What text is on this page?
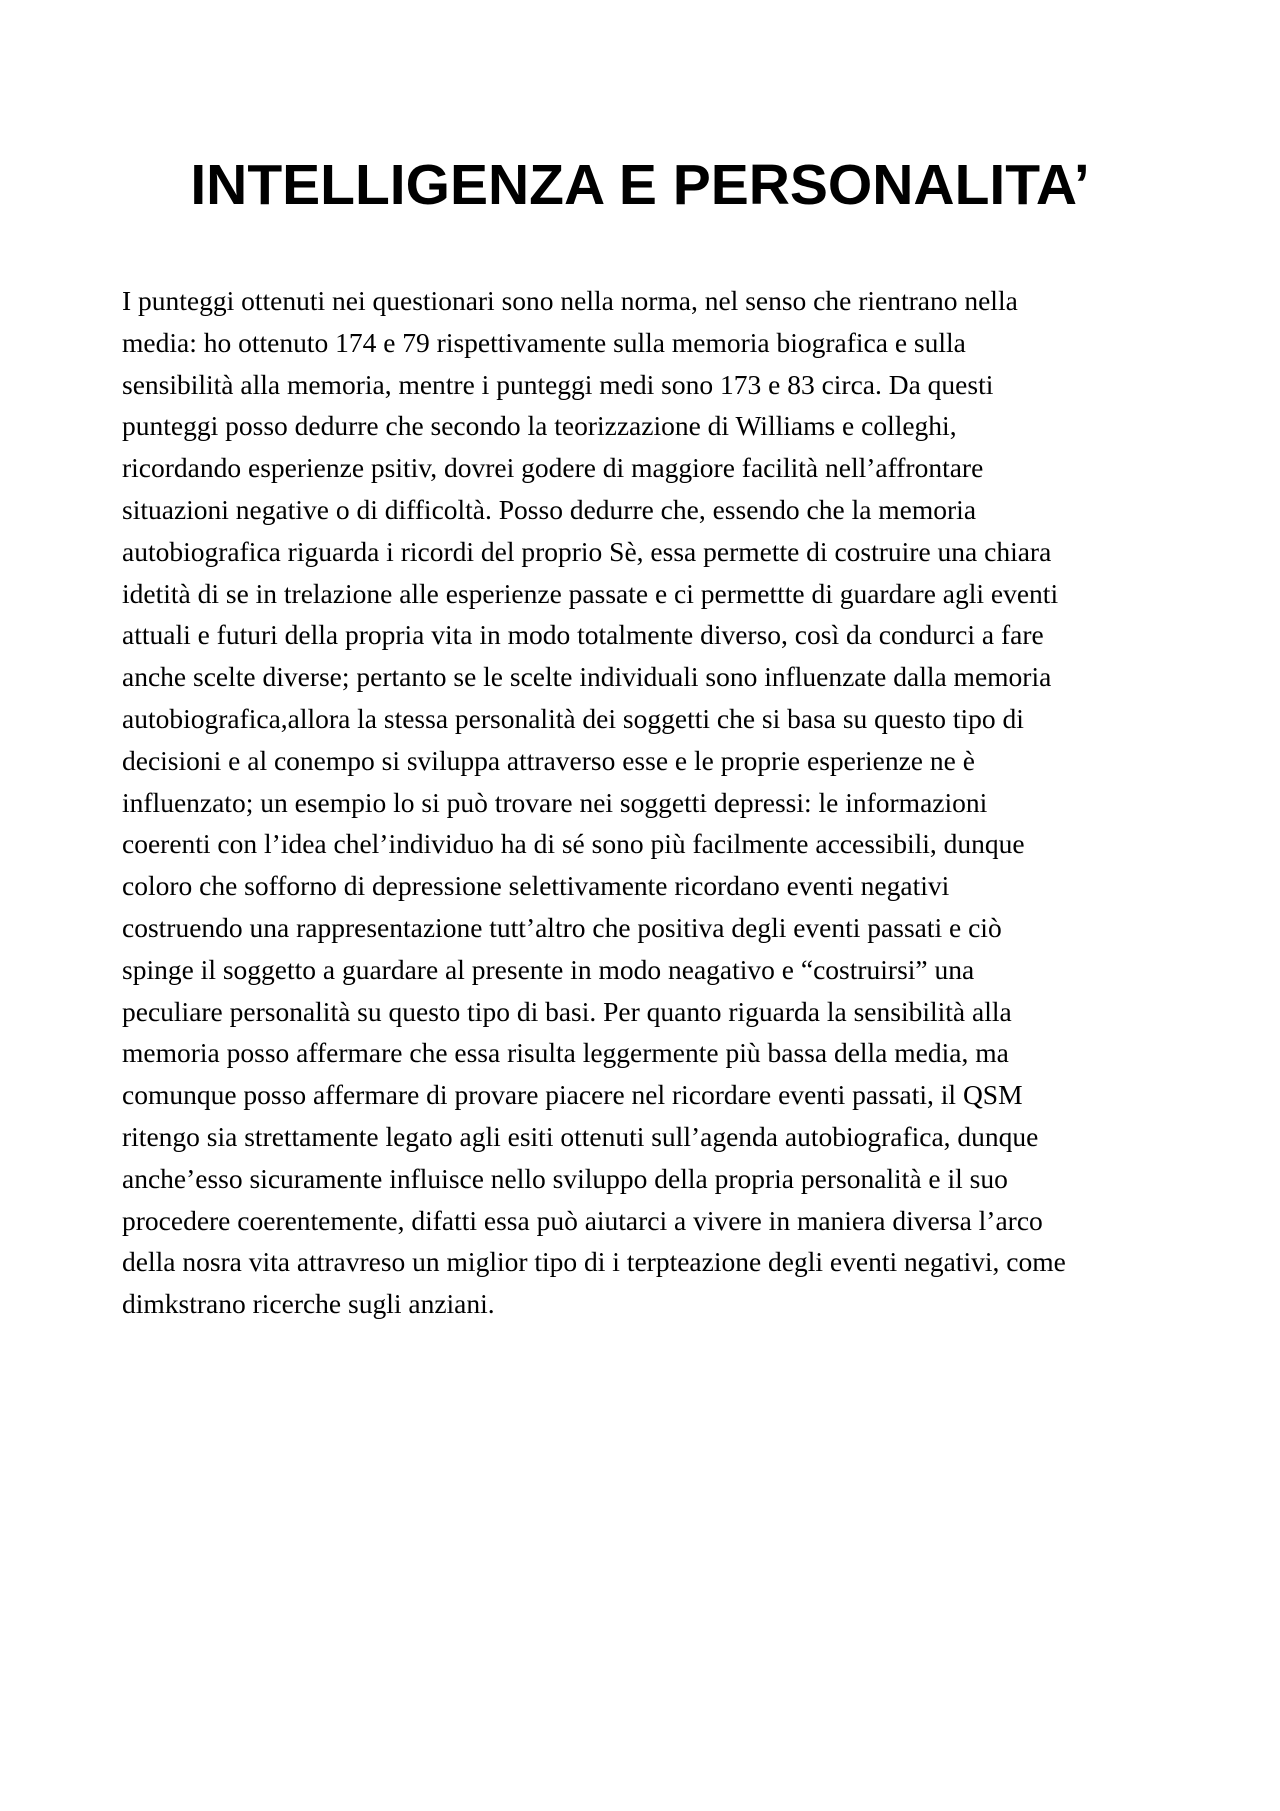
INTELLIGENZA E PERSONALITA’
I punteggi ottenuti nei questionari sono nella norma, nel senso che rientrano nella
media: ho ottenuto 174 e 79 rispettivamente sulla memoria biografica e sulla
sensibilità alla memoria, mentre i punteggi medi sono 173 e 83 circa. Da questi
punteggi posso dedurre che secondo la teorizzazione di Williams e colleghi,
ricordando esperienze psitiv, dovrei godere di maggiore facilità nell’affrontare
situazioni negative o di difficoltà. Posso dedurre che, essendo che la memoria
autobiografica riguarda i ricordi del proprio Sè, essa permette di costruire una chiara
idetità di se in trelazione alle esperienze passate e ci permettte di guardare agli eventi
attuali e futuri della propria vita in modo totalmente diverso, così da condurci a fare
anche scelte diverse; pertanto se le scelte individuali sono influenzate dalla memoria
autobiografica,allora la stessa personalità dei soggetti che si basa su questo tipo di
decisioni e al conempo si sviluppa attraverso esse e le proprie esperienze ne è
influenzato; un esempio lo si può trovare nei soggetti depressi: le informazioni
coerenti con l’idea chel’individuo ha di sé sono più facilmente accessibili, dunque
coloro che sofforno di depressione selettivamente ricordano eventi negativi
costruendo una rappresentazione tutt’altro che positiva degli eventi passati e ciò
spinge il soggetto a guardare al presente in modo neagativo e “costruirsi” una
peculiare personalità su questo tipo di basi. Per quanto riguarda la sensibilità alla
memoria posso affermare che essa risulta leggermente più bassa della media, ma
comunque posso affermare di provare piacere nel ricordare eventi passati, il QSM
ritengo sia strettamente legato agli esiti ottenuti sull’agenda autobiografica, dunque
anche’esso sicuramente influisce nello sviluppo della propria personalità e il suo
procedere coerentemente, difatti essa può aiutarci a vivere in maniera diversa l’arco
della nosra vita attravreso un miglior tipo di i terpteazione degli eventi negativi, come
dimkstrano ricerche sugli anziani.
